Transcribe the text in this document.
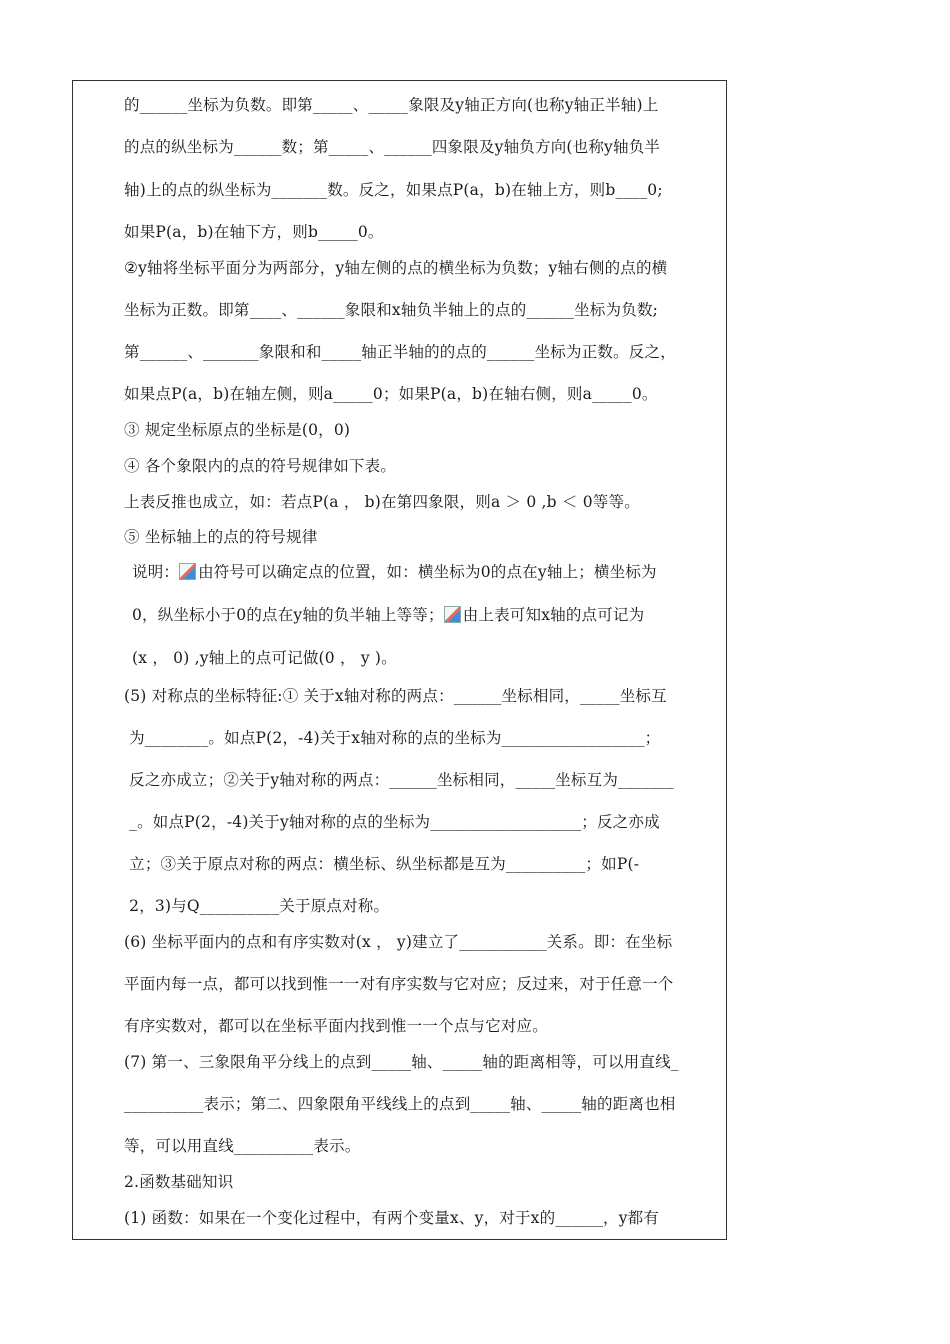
的______坐标为负数。即第_____、_____象限及y轴正方向(也称y轴正半轴)上
的点的纵坐标为______数；第_____、______四象限及y轴负方向(也称y轴负半
轴)上的点的纵坐标为_______数。反之，如果点P(a，b)在轴上方，则b____0;
如果P(a，b)在轴下方，则b_____0。
②y轴将坐标平面分为两部分，y轴左侧的点的横坐标为负数；y轴右侧的点的横
坐标为正数。即第____、______象限和x轴负半轴上的点的______坐标为负数;
第______、_______象限和和_____轴正半轴的的点的______坐标为正数。反之，
如果点P(a，b)在轴左侧，则a_____0；如果P(a，b)在轴右侧，则a_____0。
③ 规定坐标原点的坐标是(0，0)
④ 各个象限内的点的符号规律如下表。
上表反推也成立，如：若点P(a ， b)在第四象限，则a ＞ 0 ,b ＜ 0等等。
⑤ 坐标轴上的点的符号规律
说明： 由符号可以确定点的位置，如：横坐标为0的点在y轴上；横坐标为
0，纵坐标小于0的点在y轴的负半轴上等等； 由上表可知x轴的点可记为
(x ， 0) ,y轴上的点可记做(0 ， y )。
(5) 对称点的坐标特征:① 关于x轴对称的两点：______坐标相同，_____坐标互
为________。如点P(2，-4)关于x轴对称的点的坐标为__________________；
反之亦成立；②关于y轴对称的两点：______坐标相同，_____坐标互为_______
_。如点P(2，-4)关于y轴对称的点的坐标为___________________；反之亦成
立；③关于原点对称的两点：横坐标、纵坐标都是互为__________；如P(-
2，3)与Q__________关于原点对称。
(6) 坐标平面内的点和有序实数对(x ， y)建立了___________关系。即：在坐标
平面内每一点，都可以找到惟一一对有序实数与它对应；反过来，对于任意一个
有序实数对，都可以在坐标平面内找到惟一一个点与它对应。
(7) 第一、三象限角平分线上的点到_____轴、_____轴的距离相等，可以用直线_
__________表示；第二、四象限角平线线上的点到_____轴、_____轴的距离也相
等，可以用直线__________表示。
2.函数基础知识
(1) 函数：如果在一个变化过程中，有两个变量x、y，对于x的______，y都有
